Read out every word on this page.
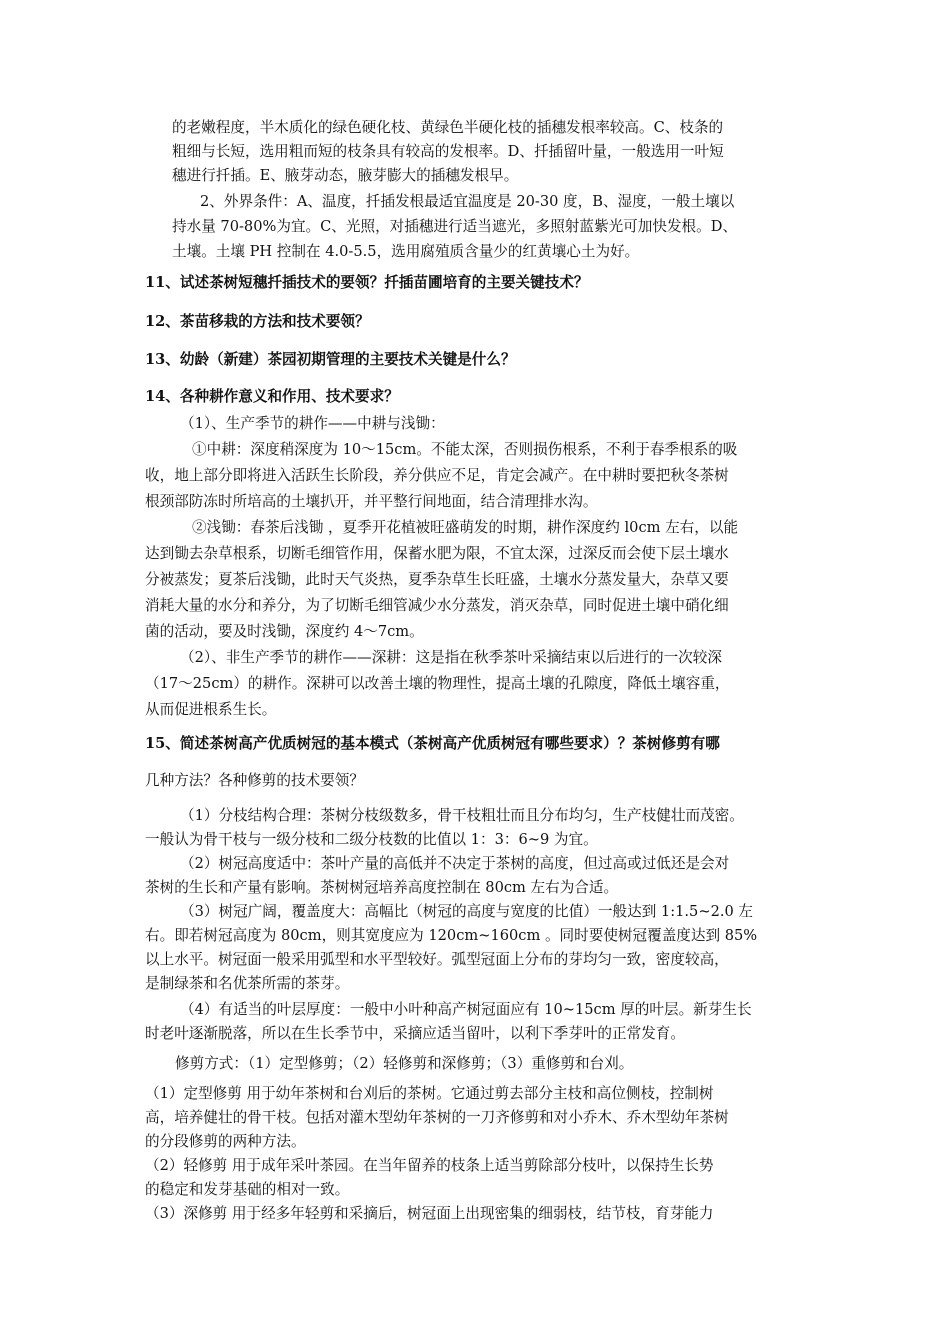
的老嫩程度，半木质化的绿色硬化枝、黄绿色半硬化枝的插穗发根率较高。C、枝条的

粗细与长短，选用粗而短的枝条具有较高的发根率。D、扦插留叶量，一般选用一叶短

穗进行扦插。E、腋芽动态，腋芽膨大的插穗发根早。

2、外界条件：A、温度，扦插发根最适宜温度是 20-30 度，B、湿度，一般土壤以

持水量 70-80%为宜。C、光照，对插穗进行适当遮光，多照射蓝紫光可加快发根。D、

土壤。土壤 PH 控制在 4.0-5.5，选用腐殖质含量少的红黄壤心土为好。

11、试述茶树短穗扦插技术的要领？扦插苗圃培育的主要关键技术？

12、茶苗移栽的方法和技术要领？

13、幼龄（新建）茶园初期管理的主要技术关键是什么？

14、各种耕作意义和作用、技术要求？

（1）、生产季节的耕作——中耕与浅锄：

①中耕：深度稍深度为 10～15cm。不能太深，否则损伤根系，不利于春季根系的吸

收，地上部分即将进入活跃生长阶段，养分供应不足，肯定会减产。在中耕时要把秋冬茶树

根颈部防冻时所培高的土壤扒开，并平整行间地面，结合清理排水沟。

②浅锄：春茶后浅锄 ，夏季开花植被旺盛萌发的时期，耕作深度约 l0cm 左右，以能

达到锄去杂草根系，切断毛细管作用，保蓄水肥为限，不宜太深，过深反而会使下层土壤水

分被蒸发；夏茶后浅锄，此时天气炎热，夏季杂草生长旺盛，土壤水分蒸发量大，杂草又要

消耗大量的水分和养分，为了切断毛细管减少水分蒸发，消灭杂草，同时促进土壤中硝化细

菌的活动，要及时浅锄，深度约 4～7cm。

（2）、非生产季节的耕作——深耕：这是指在秋季茶叶采摘结束以后进行的一次较深

（17～25cm）的耕作。深耕可以改善土壤的物理性，提高土壤的孔隙度，降低土壤容重，

从而促进根系生长。

15、简述茶树高产优质树冠的基本模式（茶树高产优质树冠有哪些要求）？茶树修剪有哪

几种方法？各种修剪的技术要领？

（1）分枝结构合理：茶树分枝级数多，骨干枝粗壮而且分布均匀，生产枝健壮而茂密。

一般认为骨干枝与一级分枝和二级分枝数的比值以 1：3：6~9 为宜。

（2）树冠高度适中：茶叶产量的高低并不决定于茶树的高度，但过高或过低还是会对

茶树的生长和产量有影响。茶树树冠培养高度控制在 80cm 左右为合适。

（3）树冠广阔，覆盖度大：高幅比（树冠的高度与宽度的比值）一般达到 1:1.5~2.0 左

右。即若树冠高度为 80cm，则其宽度应为 120cm~160cm 。同时要使树冠覆盖度达到 85%

以上水平。树冠面一般采用弧型和水平型较好。弧型冠面上分布的芽均匀一致，密度较高，

是制绿茶和名优茶所需的茶芽。

（4）有适当的叶层厚度：一般中小叶种高产树冠面应有 10~15cm 厚的叶层。新芽生长

时老叶逐渐脱落，所以在生长季节中，采摘应适当留叶，以利下季芽叶的正常发育。

修剪方式：（1）定型修剪；（2）轻修剪和深修剪；（3）重修剪和台刈。

（1）定型修剪 用于幼年茶树和台刈后的茶树。它通过剪去部分主枝和高位侧枝，控制树

高，培养健壮的骨干枝。包括对灌木型幼年茶树的一刀齐修剪和对小乔木、乔木型幼年茶树

的分段修剪的两种方法。

（2）轻修剪 用于成年采叶茶园。在当年留养的枝条上适当剪除部分枝叶，以保持生长势

的稳定和发芽基础的相对一致。

（3）深修剪 用于经多年轻剪和采摘后，树冠面上出现密集的细弱枝，结节枝，育芽能力
